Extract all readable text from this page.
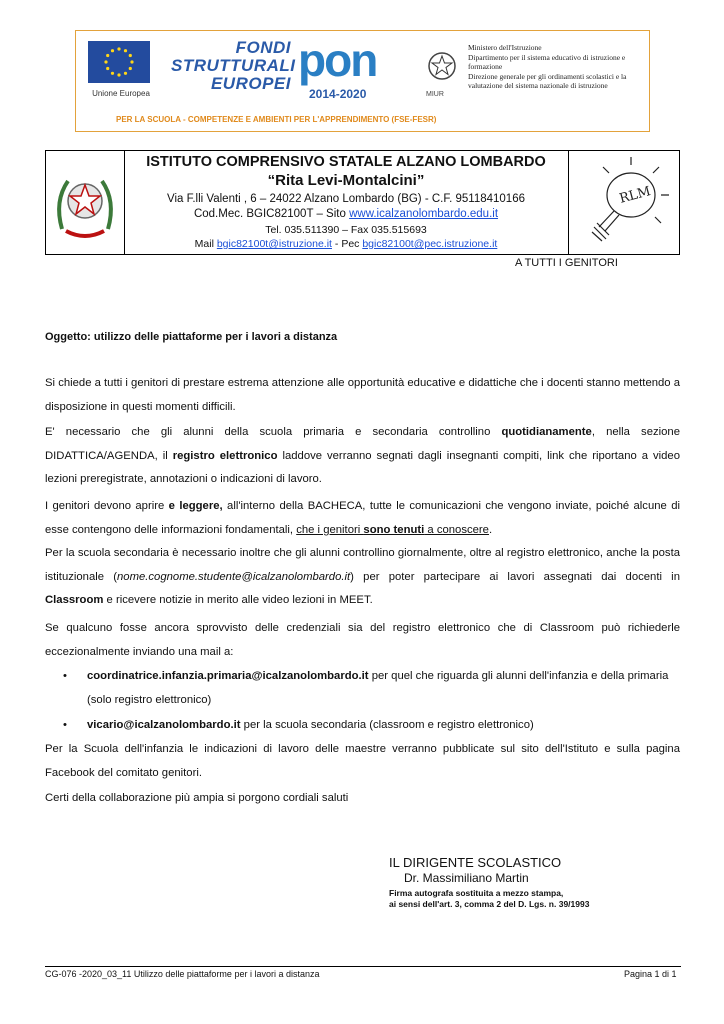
Unione Europea
FONDI
STRUTTURALI
EUROPEI pon
2014-2020
PER LA SCUOLA - COMPETENZE E AMBIENTI PER L'APPRENDIMENTO (FSE-FESR)
MIUR
Ministero dell'Istruzione
Dipartimento per il sistema educativo di istruzione e
formazione
Direzione generale per gli ordinamenti scolastici e la
valutazione del sistema nazionale di istruzione
ISTITUTO COMPRENSIVO STATALE ALZANO LOMBARDO
“Rita Levi-Montalcini”
Via F.lli Valenti , 6 – 24022 Alzano Lombardo (BG) - C.F. 95118410166
Cod.Mec. BGIC82100T – Sito www.icalzanolombardo.edu.it
Tel. 035.511390 – Fax 035.515693
Mail bgic82100t@istruzione.it - Pec bgic82100t@pec.istruzione.it
RLM
A TUTTI I GENITORI
Oggetto: utilizzo delle piattaforme per i lavori a distanza
Si chiede a tutti i genitori di prestare estrema attenzione alle opportunità educative e didattiche che i docenti stanno mettendo a disposizione in questi momenti difficili.
E' necessario che gli alunni della scuola primaria e secondaria controllino quotidianamente, nella sezione DIDATTICA/AGENDA, il registro elettronico laddove verranno segnati dagli insegnanti compiti, link che riportano a video lezioni preregistrate, annotazioni o indicazioni di lavoro.
I genitori devono aprire e leggere, all'interno della BACHECA, tutte le comunicazioni che vengono inviate, poiché alcune di esse contengono delle informazioni fondamentali, che i genitori sono tenuti a conoscere.
Per la scuola secondaria è necessario inoltre che gli alunni controllino giornalmente, oltre al registro elettronico, anche la posta istituzionale (nome.cognome.studente@icalzanolombardo.it) per poter partecipare ai lavori assegnati dai docenti in Classroom e ricevere notizie in merito alle video lezioni in MEET.
Se qualcuno fosse ancora sprovvisto delle credenziali sia del registro elettronico che di Classroom può richiederle eccezionalmente inviando una mail a:
• coordinatrice.infanzia.primaria@icalzanolombardo.it per quel che riguarda gli alunni dell'infanzia e della primaria (solo registro elettronico)
• vicario@icalzanolombardo.it per la scuola secondaria (classroom e registro elettronico)
Per la Scuola dell'infanzia le indicazioni di lavoro delle maestre verranno pubblicate sul sito dell'Istituto e sulla pagina Facebook del comitato genitori.
Certi della collaborazione più ampia si porgono cordiali saluti
IL DIRIGENTE SCOLASTICO
Dr. Massimiliano Martin
Firma autografa sostituita a mezzo stampa,
ai sensi dell'art. 3, comma 2 del D. Lgs. n. 39/1993
CG-076 -2020_03_11 Utilizzo delle piattaforme per i lavori a distanza	Pagina 1 di 1
